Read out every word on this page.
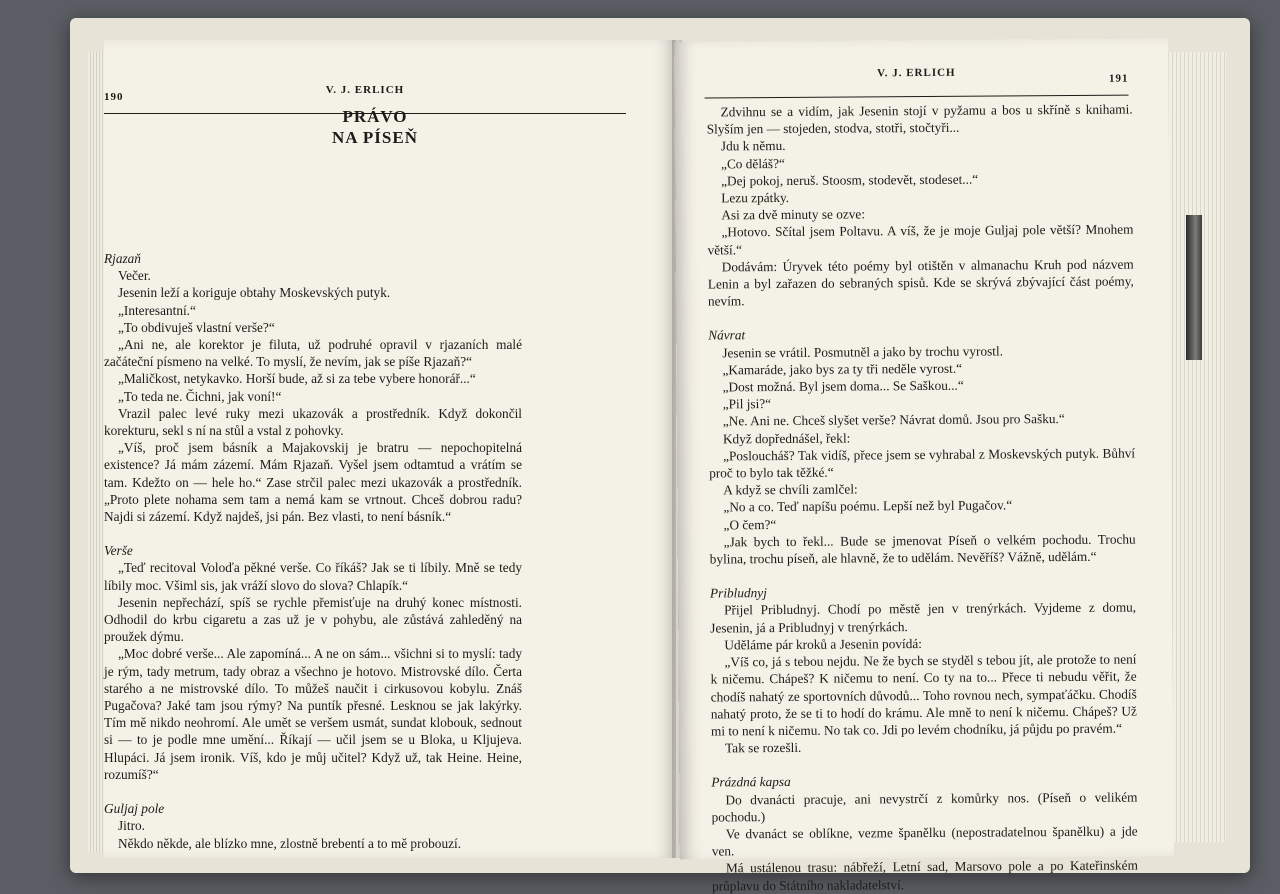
190
V. J. ERLICH
PRÁVO
NA PÍSEŇ

Rjazaň

Večer.

Jesenin leží a koriguje obtahy Moskevských putyk.

„Interesantní.“

„To obdivuješ vlastní verše?“

„Ani ne, ale korektor je filuta, už podruhé opravil v rjazaních malé začáteční písmeno na velké. To myslí, že nevím, jak se píše Rjazaň?“

„Maličkost, netykavko. Horší bude, až si za tebe vybere honorář...“

„To teda ne. Čichni, jak voní!“

Vrazil palec levé ruky mezi ukazovák a prostředník. Když dokončil korekturu, sekl s ní na stůl a vstal z pohovky.

„Víš, proč jsem básník a Majakovskij je bratru — nepochopitelná existence? Já mám zázemí. Mám Rjazaň. Vyšel jsem odtamtud a vrátím se tam. Kdežto on — hele ho.“ Zase strčil palec mezi ukazovák a prostředník. „Proto plete nohama sem tam a nemá kam se vrtnout. Chceš dobrou radu? Najdi si zázemí. Když najdeš, jsi pán. Bez vlasti, to není básník.“

Verše

„Teď recitoval Voloďa pěkné verše. Co říkáš? Jak se ti líbily. Mně se tedy líbily moc. Všiml sis, jak vráží slovo do slova? Chlapík.“

Jesenin nepřechází, spíš se rychle přemisťuje na druhý konec místnosti. Odhodil do krbu cigaretu a zas už je v pohybu, ale zůstává zahleděný na proužek dýmu.

„Moc dobré verše... Ale zapomíná... A ne on sám... všichni si to myslí: tady je rým, tady metrum, tady obraz a všechno je hotovo. Mistrovské dílo. Čerta starého a ne mistrovské dílo. To můžeš naučit i cirkusovou kobylu. Znáš Pugačova? Jaké tam jsou rýmy? Na puntík přesné. Lesknou se jak lakýrky. Tím mě nikdo neohromí. Ale umět se veršem usmát, sundat klobouk, sednout si — to je podle mne umění... Říkají — učil jsem se u Bloka, u Kljujeva. Hlupáci. Já jsem ironik. Víš, kdo je můj učitel? Když už, tak Heine. Heine, rozumíš?“

Guljaj pole

Jitro.

Někdo někde, ale blízko mne, zlostně brebentí a to mě probouzí.

191
V. J. ERLICH

Zdvihnu se a vidím, jak Jesenin stojí v pyžamu a bos u skříně s knihami. Slyším jen — stojeden, stodva, stotři, stočtyři...

Jdu k němu.

„Co děláš?“

„Dej pokoj, neruš. Stoosm, stodevět, stodeset...“

Lezu zpátky.

Asi za dvě minuty se ozve:

„Hotovo. Sčítal jsem Poltavu. A víš, že je moje Guljaj pole větší? Mnohem větší.“

Dodávám: Úryvek této poémy byl otištěn v almanachu Kruh pod názvem Lenin a byl zařazen do sebraných spisů. Kde se skrývá zbývající část poémy, nevím.

Návrat

Jesenin se vrátil. Posmutněl a jako by trochu vyrostl.

„Kamaráde, jako bys za ty tři neděle vyrost.“

„Dost možná. Byl jsem doma... Se Saškou...“

„Pil jsi?“

„Ne. Ani ne. Chceš slyšet verše? Návrat domů. Jsou pro Sašku.“

Když dopřednášel, řekl:

„Posloucháš? Tak vidíš, přece jsem se vyhrabal z Moskevských putyk. Bůhví proč to bylo tak těžké.“

A když se chvíli zamlčel:

„No a co. Teď napíšu poému. Lepší než byl Pugačov.“

„O čem?“

„Jak bych to řekl... Bude se jmenovat Píseň o velkém pochodu. Trochu bylina, trochu píseň, ale hlavně, že to udělám. Nevěříš? Vážně, udělám.“

Pribludnyj

Přijel Pribludnyj. Chodí po městě jen v trenýrkách. Vyjdeme z domu, Jesenin, já a Pribludnyj v trenýrkách.

Uděláme pár kroků a Jesenin povídá:

„Víš co, já s tebou nejdu. Ne že bych se styděl s tebou jít, ale protože to není k ničemu. Chápeš? K ničemu to není. Co ty na to... Přece ti nebudu věřit, že chodíš nahatý ze sportovních důvodů... Toho rovnou nech, sympaťáčku. Chodíš nahatý proto, že se ti to hodí do krámu. Ale mně to není k ničemu. Chápeš? Už mi to není k ničemu. No tak co. Jdi po levém chodníku, já půjdu po pravém.“

Tak se rozešli.

Prázdná kapsa

Do dvanácti pracuje, ani nevystrčí z komůrky nos. (Píseň o velikém pochodu.)

Ve dvanáct se oblíkne, vezme španělku (nepostradatelnou španělku) a jde ven.

Má ustálenou trasu: nábřeží, Letní sad, Marsovo pole a po Kateřinském průplavu do Státního nakladatelství.
